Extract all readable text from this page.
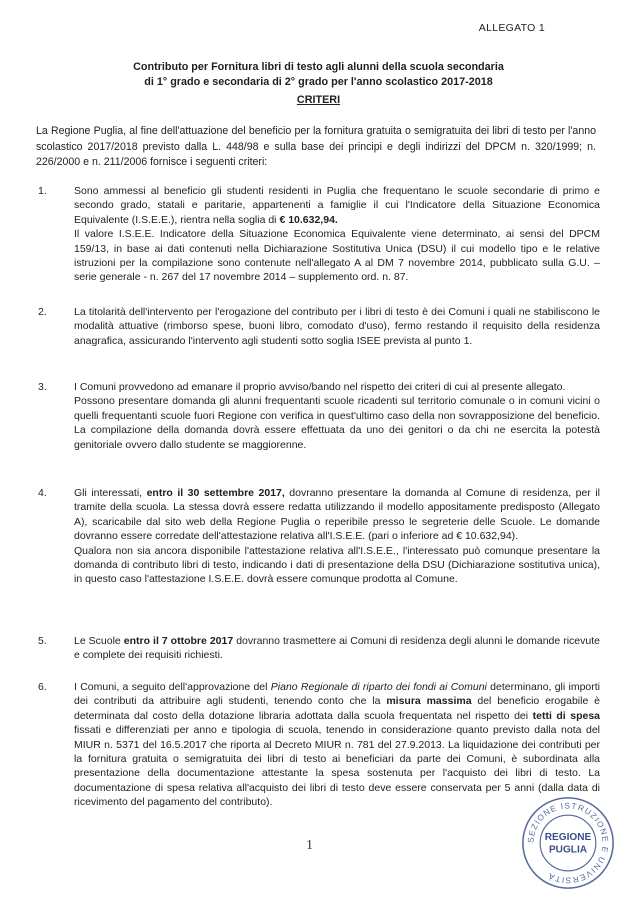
ALLEGATO 1
Contributo per Fornitura libri di testo agli alunni della scuola secondaria
di 1° grado e secondaria di 2° grado per l'anno scolastico 2017-2018
CRITERI
La Regione Puglia, al fine dell'attuazione del beneficio per la fornitura gratuita o semigratuita dei libri di testo per l'anno scolastico 2017/2018 previsto dalla L. 448/98 e sulla base dei principi e degli indirizzi del DPCM n. 320/1999; n. 226/2000 e n. 211/2006 fornisce i seguenti criteri:
1.	Sono ammessi al beneficio gli studenti residenti in Puglia che frequentano le scuole secondarie di primo e secondo grado, statali e paritarie, appartenenti a famiglie il cui l'Indicatore della Situazione Economica Equivalente (I.S.E.E.), rientra nella soglia di € 10.632,94.

Il valore I.S.E.E. Indicatore della Situazione Economica Equivalente viene determinato, ai sensi del DPCM 159/13, in base ai dati contenuti nella Dichiarazione Sostitutiva Unica (DSU) il cui modello tipo e le relative istruzioni per la compilazione sono contenute nell'allegato A al DM 7 novembre 2014, pubblicato sulla G.U. – serie generale - n. 267 del 17 novembre 2014 – supplemento ord. n. 87.

2.	La titolarità dell'intervento per l'erogazione del contributo per i libri di testo è dei Comuni i quali ne stabiliscono le modalità attuative (rimborso spese, buoni libro, comodato d'uso), fermo restando il requisito della residenza anagrafica, assicurando l'intervento agli studenti sotto soglia ISEE prevista al punto 1.

3.	I Comuni provvedono ad emanare il proprio avviso/bando nel rispetto dei criteri di cui al presente allegato.

Possono presentare domanda gli alunni frequentanti scuole ricadenti sul territorio comunale o in comuni vicini o quelli frequentanti scuole fuori Regione con verifica in quest'ultimo caso della non sovrapposizione del beneficio. La compilazione della domanda dovrà essere effettuata da uno dei genitori o da chi ne esercita la potestà genitoriale ovvero dallo studente se maggiorenne.

4.	Gli interessati, entro il 30 settembre 2017, dovranno presentare la domanda al Comune di residenza, per il tramite della scuola. La stessa dovrà essere redatta utilizzando il modello appositamente predisposto (Allegato A), scaricabile dal sito web della Regione Puglia o reperibile presso le segreterie delle Scuole. Le domande dovranno essere corredate dell'attestazione relativa all'I.S.E.E. (pari o inferiore ad € 10.632,94).

Qualora non sia ancora disponibile l'attestazione relativa all'I.S.E.E., l'interessato può comunque presentare la domanda di contributo libri di testo, indicando i dati di presentazione della DSU (Dichiarazione sostitutiva unica), in questo caso l'attestazione I.S.E.E. dovrà essere comunque prodotta al Comune.

5.	Le Scuole entro il 7 ottobre 2017 dovranno trasmettere ai Comuni di residenza degli alunni le domande ricevute e complete dei requisiti richiesti.

6.	I Comuni, a seguito dell'approvazione del Piano Regionale di riparto dei fondi ai Comuni determinano, gli importi dei contributi da attribuire agli studenti, tenendo conto che la misura massima del beneficio erogabile è determinata dal costo della dotazione libraria adottata dalla scuola frequentata nel rispetto dei tetti di spesa fissati e differenziati per anno e tipologia di scuola, tenendo in considerazione quanto previsto dalla nota del MIUR n. 5371 del 16.5.2017 che riporta al Decreto MIUR n. 781 del 27.9.2013. La liquidazione dei contributi per la fornitura gratuita o semigratuita dei libri di testo ai beneficiari da parte dei Comuni, è subordinata alla presentazione della documentazione attestante la spesa sostenuta per l'acquisto dei libri di testo. La documentazione di spesa relativa all'acquisto dei libri di testo deve essere conservata per 5 anni (dalla data di ricevimento del pagamento del contributo).

1	SEZIONE ISTRUZIONE E UNIVERSITÀ
REGIONE
PUGLIA
